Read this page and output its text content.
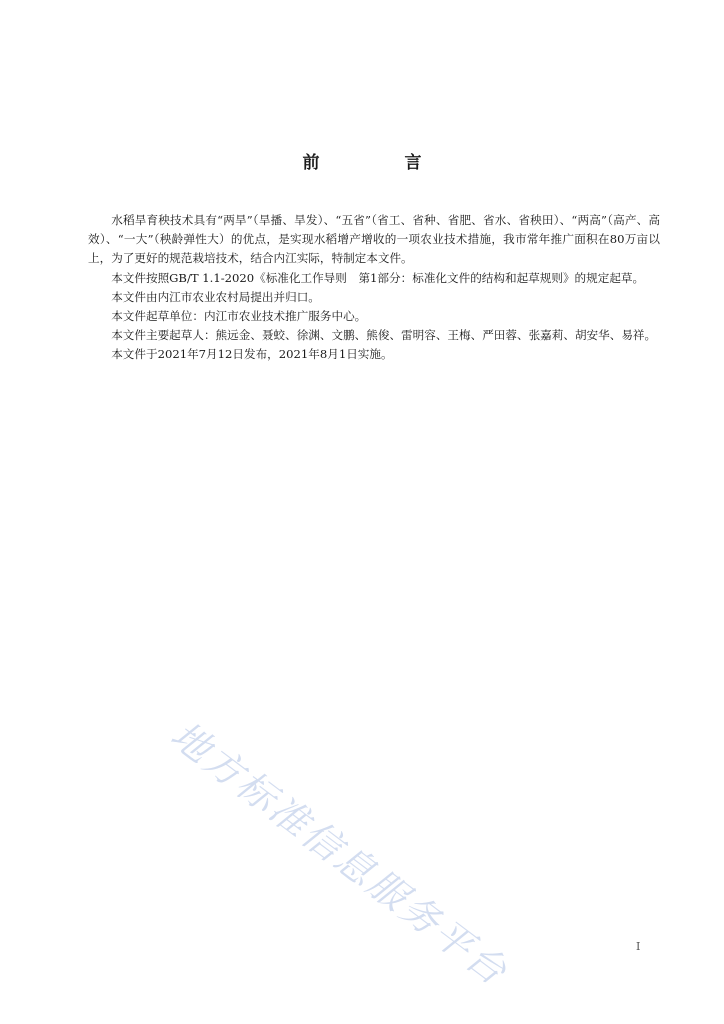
前　言

水稻旱育秧技术具有“两旱”（旱播、旱发）、“五省”（省工、省种、省肥、省水、省秧田）、“两高”（高产、高效）、“一大”（秧龄弹性大）的优点，是实现水稻增产增收的一项农业技术措施，我市常年推广面积在80万亩以上，为了更好的规范栽培技术，结合内江实际，特制定本文件。

本文件按照GB/T 1.1-2020《标准化工作导则　第1部分：标准化文件的结构和起草规则》的规定起草。

本文件由内江市农业农村局提出并归口。

本文件起草单位：内江市农业技术推广服务中心。

本文件主要起草人：熊远金、聂蛟、徐渊、文鹏、熊俊、雷明容、王梅、严田蓉、张嘉莉、胡安华、易祥。

本文件于2021年7月12日发布，2021年8月1日实施。

地方标准信息服务平台	I
